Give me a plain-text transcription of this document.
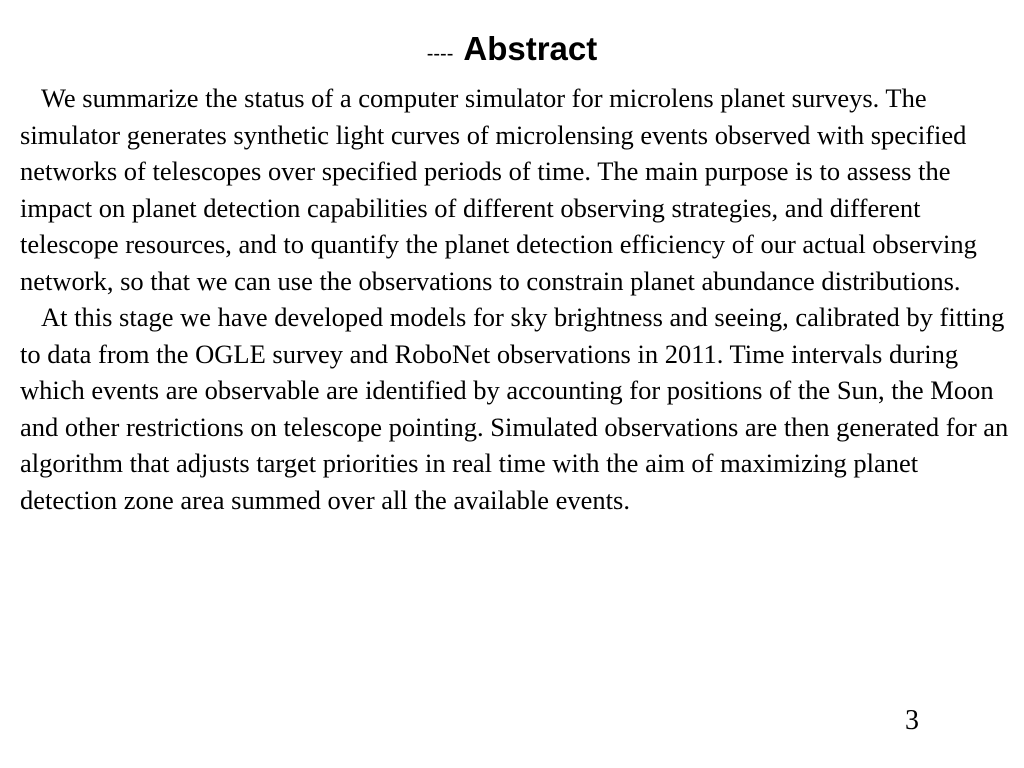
---- Abstract

We summarize the status of a computer simulator for microlens planet surveys. The simulator generates synthetic light curves of microlensing events observed with specified networks of telescopes over specified periods of time. The main purpose is to assess the impact on planet detection capabilities of different observing strategies, and different telescope resources, and to quantify the planet detection efficiency of our actual observing network, so that we can use the observations to constrain planet abundance distributions.

At this stage we have developed models for sky brightness and seeing, calibrated by fitting to data from the OGLE survey and RoboNet observations in 2011. Time intervals during which events are observable are identified by accounting for positions of the Sun, the Moon and other restrictions on telescope pointing. Simulated observations are then generated for an algorithm that adjusts target priorities in real time with the aim of maximizing planet detection zone area summed over all the available events.

3
